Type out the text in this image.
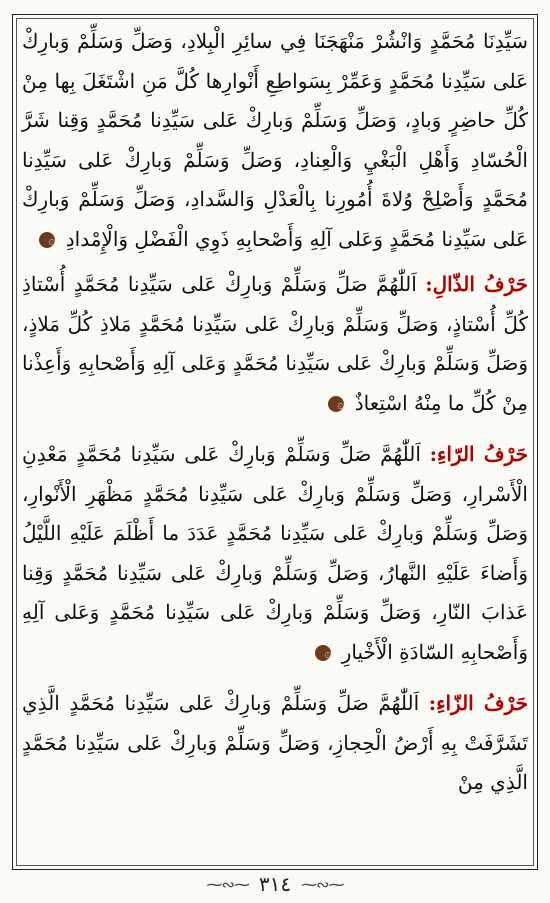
سَيِّدِنَا مُحَمَّدٍ وَانْشُرْ مَنْهَجَنَا فِي سائِرِ الْبِلادِ، وَصَلِّ وَسَلِّمْ وَبارِكْ عَلى سَيِّدِنا مُحَمَّدٍ وَعَمِّرْ بِسَواطِعِ أَنْوارِها كُلَّ مَنِ اشْتَغَلَ بِها مِنْ كُلِّ حاضِرٍ وَبادٍ، وَصَلِّ وَسَلِّمْ وَبارِكْ عَلى سَيِّدِنا مُحَمَّدٍ وَقِنا شَرَّ الْحُسّادِ وَأَهْلِ الْبَغْيِ وَالْعِنادِ، وَصَلِّ وَسَلِّمْ وَبارِكْ عَلى سَيِّدِنا مُحَمَّدٍ وَأَصْلِحْ وُلاةَ أُمُورِنا بِالْعَدْلِ وَالسَّدادِ، وَصَلِّ وَسَلِّمْ وَبارِكْ عَلى سَيِّدِنا مُحَمَّدٍ وَعَلى آلِهِ وَأَصْحابِهِ ذَوِي الْفَضْلِ وَالْإِمْدادِ ۞

حَرْفُ الذّالِ: اَللّٰهُمَّ صَلِّ وَسَلِّمْ وَبارِكْ عَلى سَيِّدِنا مُحَمَّدٍ أُسْتاذِ كُلِّ أُسْتاذٍ، وَصَلِّ وَسَلِّمْ وَبارِكْ عَلى سَيِّدِنا مُحَمَّدٍ مَلاذِ كُلِّ مَلاذٍ، وَصَلِّ وَسَلِّمْ وَبارِكْ عَلى سَيِّدِنا مُحَمَّدٍ وَعَلى آلِهِ وَأَصْحابِهِ وَأَعِذْنا مِنْ كُلِّ ما مِنْهُ اسْتِعاذٌ ۞

حَرْفُ الرّاءِ: اَللّٰهُمَّ صَلِّ وَسَلِّمْ وَبارِكْ عَلى سَيِّدِنا مُحَمَّدٍ مَعْدِنِ الْأَسْرارِ، وَصَلِّ وَسَلِّمْ وَبارِكْ عَلى سَيِّدِنا مُحَمَّدٍ مَظْهَرِ الْأَنْوارِ، وَصَلِّ وَسَلِّمْ وَبارِكْ عَلى سَيِّدِنا مُحَمَّدٍ عَدَدَ ما أَظْلَمَ عَلَيْهِ اللَّيْلُ وَأَضاءَ عَلَيْهِ النَّهارُ، وَصَلِّ وَسَلِّمْ وَبارِكْ عَلى سَيِّدِنا مُحَمَّدٍ وَقِنا عَذابَ النّارِ، وَصَلِّ وَسَلِّمْ وَبارِكْ عَلى سَيِّدِنا مُحَمَّدٍ وَعَلى آلِهِ وَأَصْحابِهِ السّادَةِ الْأَخْيارِ ۞

حَرْفُ الزّاءِ: اَللّٰهُمَّ صَلِّ وَسَلِّمْ وَبارِكْ عَلى سَيِّدِنا مُحَمَّدٍ الَّذِي تَشَرَّفَتْ بِهِ أَرْضُ الْحِجازِ، وَصَلِّ وَسَلِّمْ وَبارِكْ عَلى سَيِّدِنا مُحَمَّدٍ الَّذِي مِنْ

⁓∾⁓ ٣١٤ ⁓∾⁓
